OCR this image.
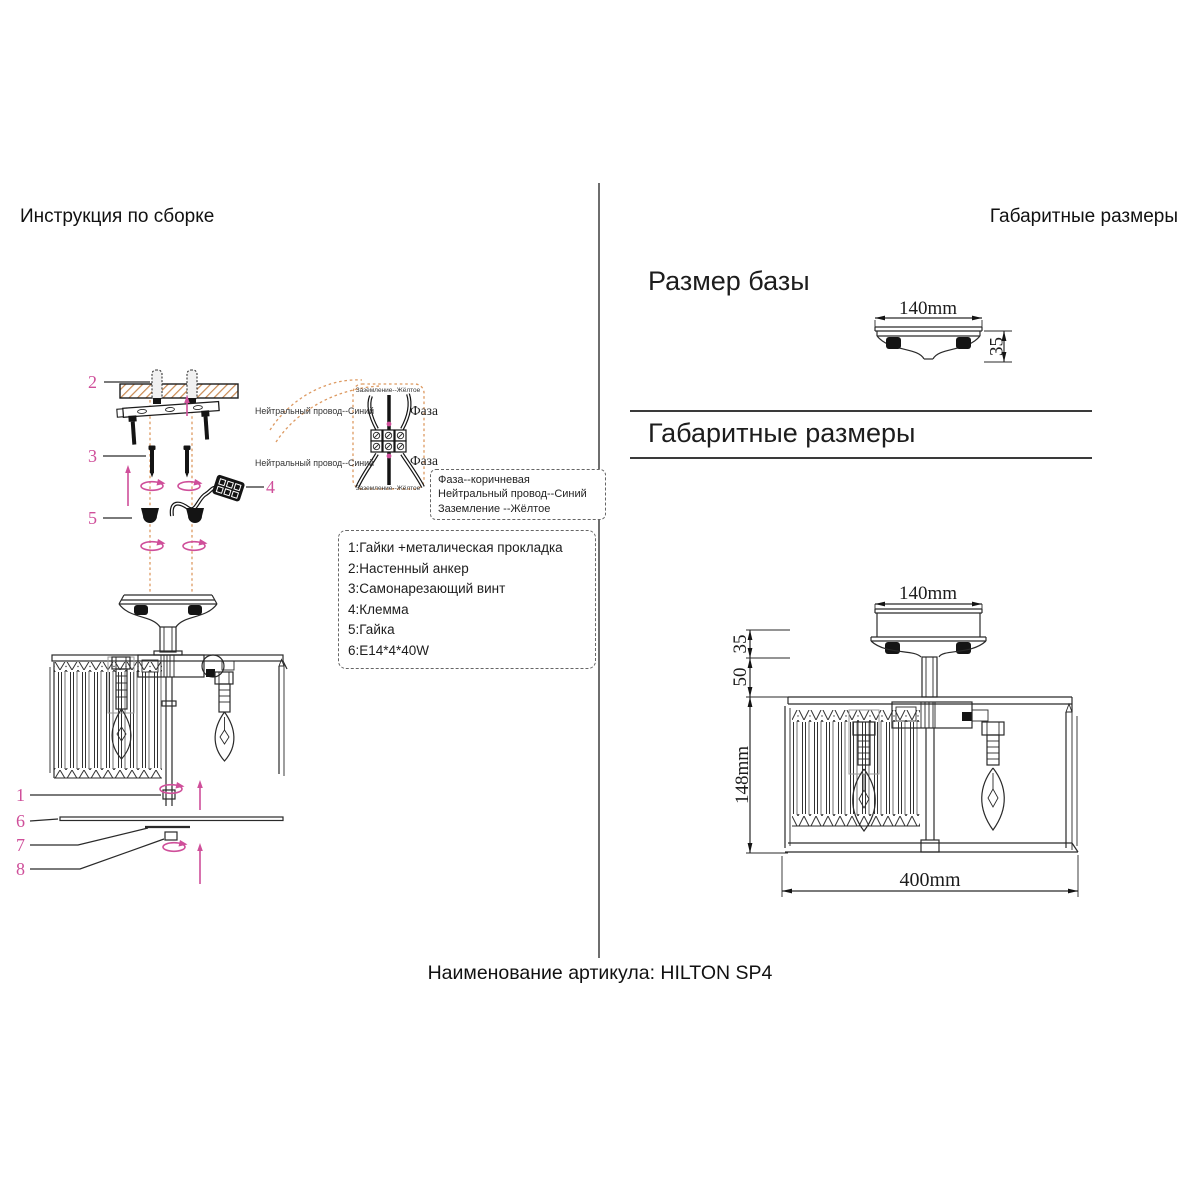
Инструкция по сборке	Габаритные размеры
2
3
4
5
Заземление--Жёлтое
Заземление--Жёлтое
Нейтральный провод--Синий
Нейтральный провод--Синий
Фаза
Фаза
1
6
7
8
Фаза--коричневая
Нейтральный провод--Синий
Заземление --Жёлтое
1:Гайки +металическая прокладка
2:Настенный анкер
3:Самонарезающий винт
4:Клемма
5:Гайка
6:E14*4*40W
Размер базы
140mm
35
Габаритные размеры
140mm
35
50
148mm
400mm
Наименование артикула: HILTON SP4
